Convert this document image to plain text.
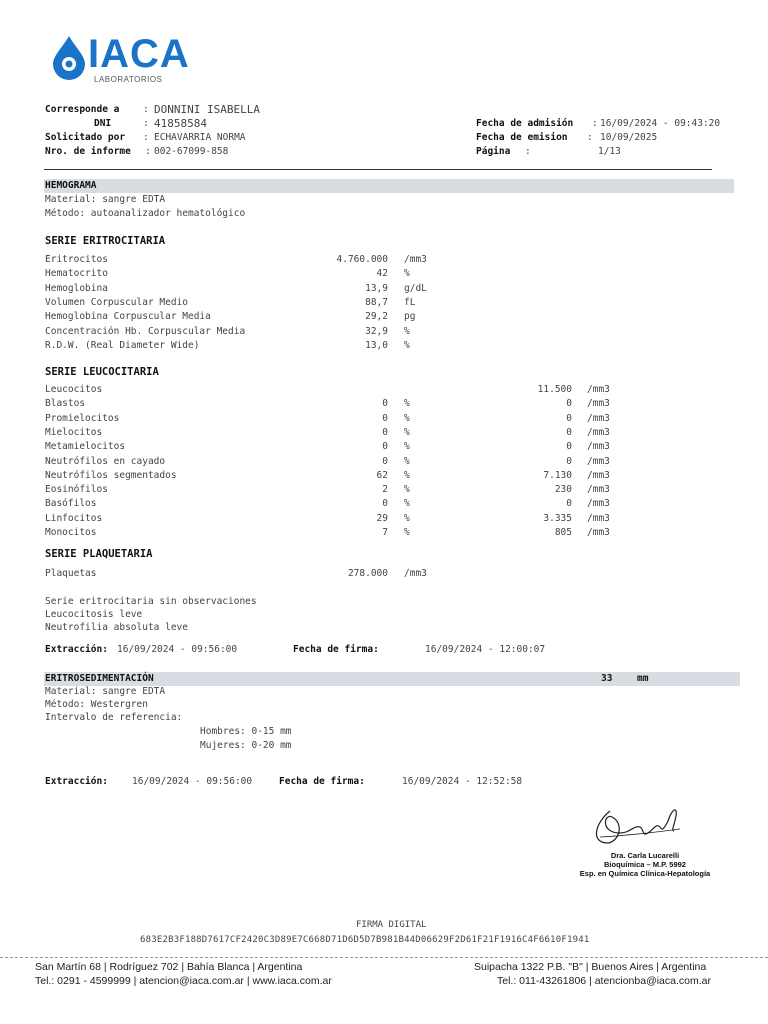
IACA
LABORATORIOS
Corresponde a : DONNINI ISABELLA
DNI	: 41858584
Solicitado por : ECHAVARRIA NORMA
Nro. de informe : 002-67099-858
Fecha de admisión : 16/09/2024 - 09:43:20
Fecha de emision : 10/09/2025
Página :	1/13
HEMOGRAMA
Material: sangre EDTA
Método: autoanalizador hematológico
SERIE ERITROCITARIA
Eritrocitos	4.760.000 /mm3
Hematocrito	42 %
Hemoglobina	13,9 g/dL
Volumen Corpuscular Medio	88,7 fL
Hemoglobina Corpuscular Media	29,2 pg
Concentración Hb. Corpuscular Media	32,9 %
R.D.W. (Real Diameter Wide)	13,0 %
SERIE LEUCOCITARIA
Leucocitos	11.500 /mm3
Blastos	0 %	0 /mm3
Promielocitos	0 %	0 /mm3
Mielocitos	0 %	0 /mm3
Metamielocitos	0 %	0 /mm3
Neutrófilos en cayado	0 %	0 /mm3
Neutrófilos segmentados	62 %	7.130 /mm3
Eosinófilos	2 %	230 /mm3
Basófilos	0 %	0 /mm3
Linfocitos	29 %	3.335 /mm3
Monocitos	7 %	805 /mm3
SERIE PLAQUETARIA
Plaquetas	278.000 /mm3
Serie eritrocitaria sin observaciones
Leucocitosis leve
Neutrofilia absoluta leve
Extracción: 16/09/2024 - 09:56:00	Fecha de firma:	16/09/2024 - 12:00:07
ERITROSEDIMENTACIÓN	33	mm
Material: sangre EDTA
Método: Westergren
Intervalo de referencia:
Hombres: 0-15 mm
Mujeres: 0-20 mm
Extracción:	16/09/2024 - 09:56:00	Fecha de firma:	16/09/2024 - 12:52:58
Dra. Carla Lucarelli
Bioquímica – M.P. 5992
Esp. en Química Clínica-Hepatología
FIRMA DIGITAL
683E2B3F188D7617CF2420C3D89E7C668D71D6D5D7B981B44D06629F2D61F21F1916C4F6610F1941
San Martín 68 | Rodríguez 702 | Bahía Blanca | Argentina
Tel.: 0291 - 4599999 | atencion@iaca.com.ar | www.iaca.com.ar
Suipacha 1322 P.B. "B" | Buenos Aires | Argentina
Tel.: 011-43261806 | atencionba@iaca.com.ar
